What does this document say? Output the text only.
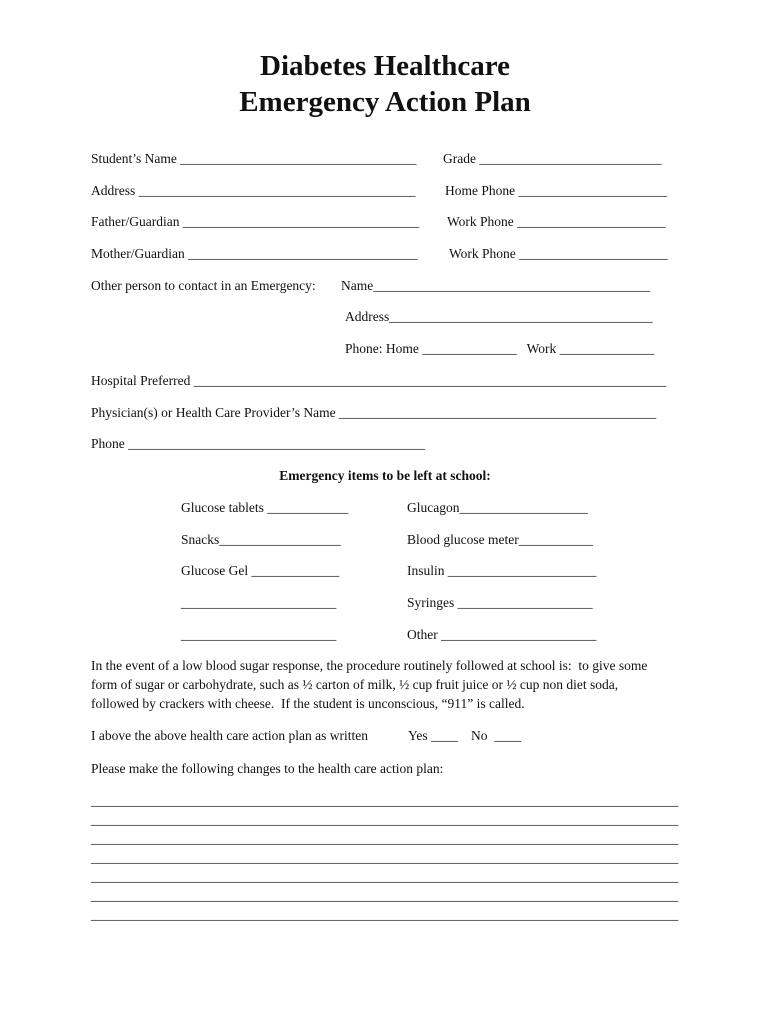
Diabetes Healthcare
Emergency Action Plan
Student’s Name ___________________________________ Grade ___________________________
Address _________________________________________ Home Phone ______________________
Father/Guardian ___________________________________ Work Phone ______________________
Mother/Guardian __________________________________ Work Phone ______________________
Other person to contact in an Emergency: Name_________________________________________
Address_______________________________________
Phone: Home ______________   Work ______________
Hospital Preferred ______________________________________________________________________
Physician(s) or Health Care Provider’s Name _______________________________________________
Phone ____________________________________________
Emergency items to be left at school:
Glucose tablets ____________	Glucagon___________________
Snacks__________________	Blood glucose meter___________
Glucose Gel _____________	Insulin ______________________
_______________________	Syringes ____________________
_______________________	Other _______________________
In the event of a low blood sugar response, the procedure routinely followed at school is:  to give some
form of sugar or carbohydrate, such as ½ carton of milk, ½ cup fruit juice or ½ cup non diet soda,
followed by crackers with cheese.  If the student is unconscious, “911” is called.
I above the above health care action plan as written	Yes ____ No  ____
Please make the following changes to the health care action plan:
_______________________________________________________________________________________
_______________________________________________________________________________________
_______________________________________________________________________________________
_______________________________________________________________________________________
_______________________________________________________________________________________
_______________________________________________________________________________________
_______________________________________________________________________________________
